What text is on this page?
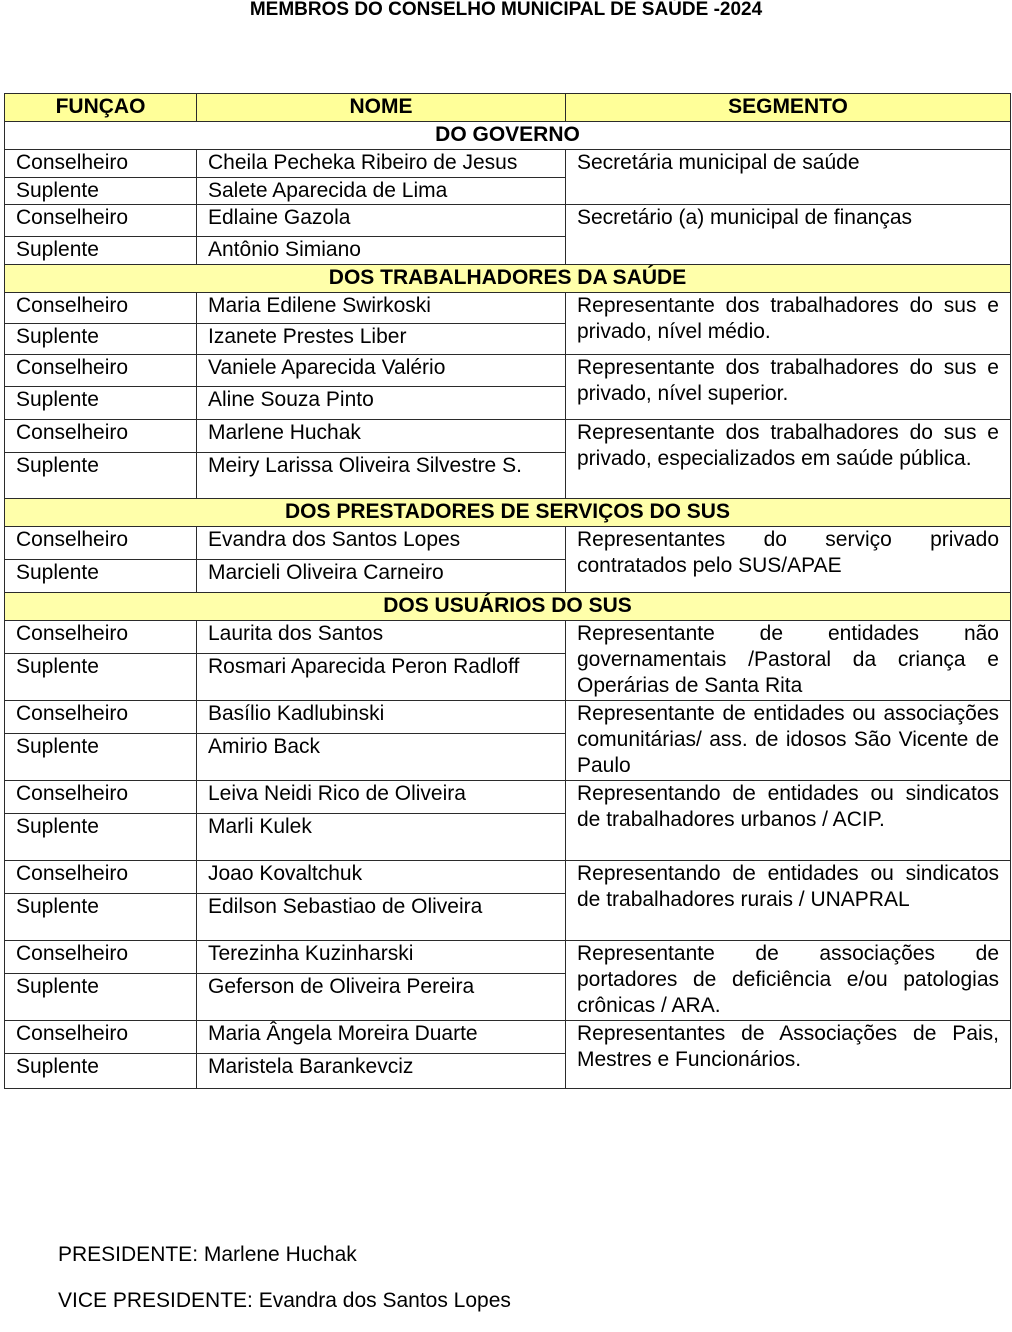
MEMBROS DO CONSELHO MUNICIPAL DE SAÚDE -2024
FUNÇAO	NOME	SEGMENTO
DO GOVERNO		
Conselheiro	Cheila Pecheka Ribeiro de Jesus	Secretária municipal de saúde
Suplente	Salete Aparecida de Lima	
Conselheiro	Edlaine Gazola	Secretário (a) municipal de finanças
Suplente	Antônio Simiano	
DOS TRABALHADORES DA SAÚDE		
Conselheiro	Maria Edilene Swirkoski	Representante dos trabalhadores do sus e privado, nível médio.
Suplente	Izanete Prestes Liber	
Conselheiro	Vaniele Aparecida Valério	Representante dos trabalhadores do sus e privado, nível superior.
Suplente	Aline Souza Pinto	
Conselheiro	Marlene Huchak	Representante dos trabalhadores do sus e privado, especializados em saúde pública.
Suplente	Meiry Larissa Oliveira Silvestre S.	
DOS PRESTADORES DE SERVIÇOS DO SUS		
Conselheiro	Evandra dos Santos Lopes	Representantes do serviço privado contratados pelo SUS/APAE
Suplente	Marcieli Oliveira Carneiro	
DOS USUÁRIOS DO SUS		
Conselheiro	Laurita dos Santos	Representante de entidades não governamentais /Pastoral da criança e Operárias de Santa Rita
Suplente	Rosmari Aparecida Peron Radloff	
Conselheiro	Basílio Kadlubinski	Representante de entidades ou associações comunitárias/ ass. de idosos São Vicente de Paulo
Suplente	Amirio Back	
Conselheiro	Leiva Neidi Rico de Oliveira	Representando de entidades ou sindicatos de trabalhadores urbanos / ACIP.
Suplente	Marli Kulek	
Conselheiro	Joao Kovaltchuk	Representando de entidades ou sindicatos de trabalhadores rurais / UNAPRAL
Suplente	Edilson Sebastiao de Oliveira	
Conselheiro	Terezinha Kuzinharski	Representante de associações de portadores de deficiência e/ou patologias crônicas / ARA.
Suplente	Geferson de Oliveira Pereira	
Conselheiro	Maria Ângela Moreira Duarte	Representantes de Associações de Pais, Mestres e Funcionários.
Suplente	Maristela Barankevciz	
PRESIDENTE: Marlene Huchak
VICE PRESIDENTE: Evandra dos Santos Lopes
